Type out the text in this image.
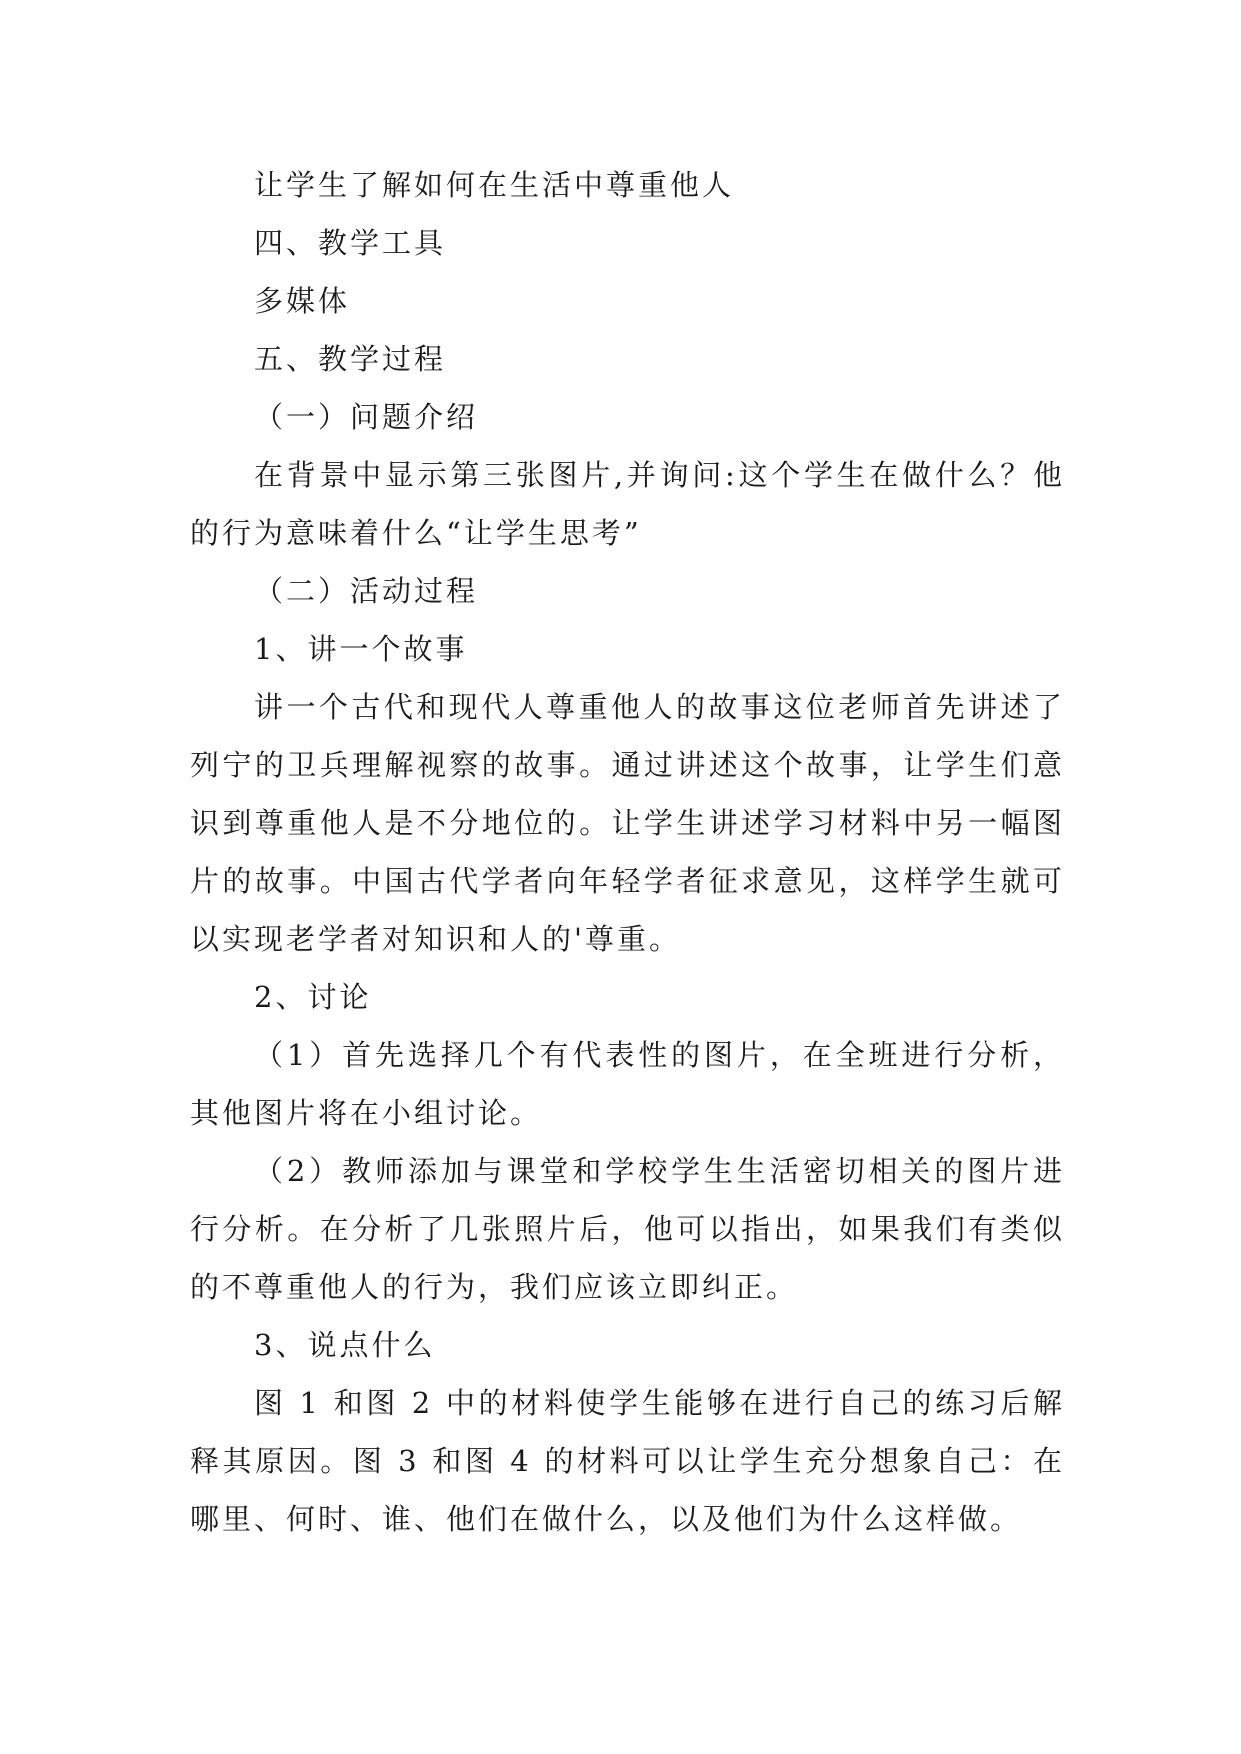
让学生了解如何在生活中尊重他人

四、教学工具

多媒体

五、教学过程

（一）问题介绍

在背景中显示第三张图片,并询问:这个学生在做什么？他的行为意味着什么“让学生思考”

（二）活动过程

1、讲一个故事

讲一个古代和现代人尊重他人的故事这位老师首先讲述了列宁的卫兵理解视察的故事。通过讲述这个故事，让学生们意识到尊重他人是不分地位的。让学生讲述学习材料中另一幅图片的故事。中国古代学者向年轻学者征求意见，这样学生就可以实现老学者对知识和人的'尊重。

2、讨论

（1）首先选择几个有代表性的图片，在全班进行分析，其他图片将在小组讨论。

（2）教师添加与课堂和学校学生生活密切相关的图片进行分析。在分析了几张照片后，他可以指出，如果我们有类似的不尊重他人的行为，我们应该立即纠正。

3、说点什么

图 1 和图 2 中的材料使学生能够在进行自己的练习后解释其原因。图 3 和图 4 的材料可以让学生充分想象自己：在哪里、何时、谁、他们在做什么，以及他们为什么这样做。
